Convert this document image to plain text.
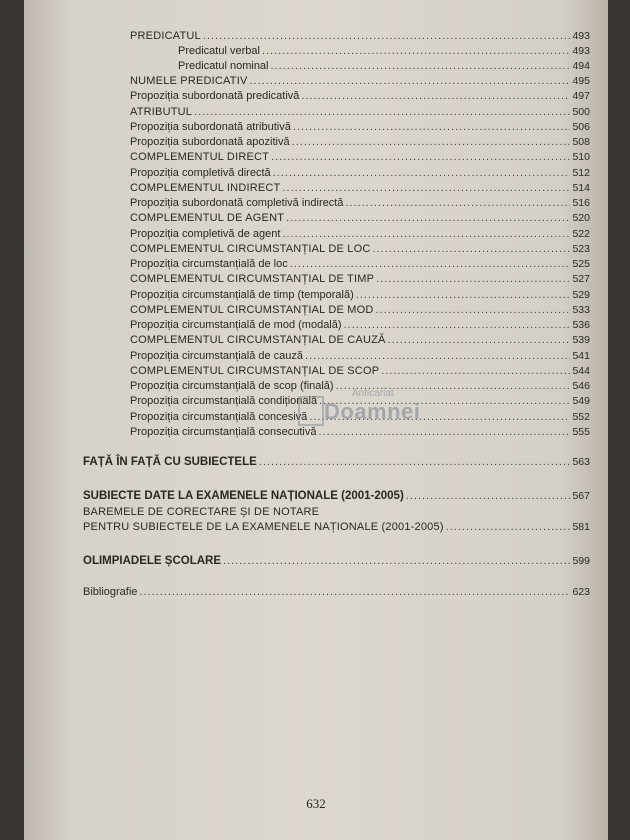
PREDICATUL .....	493
Predicatul verbal .....	493
Predicatul nominal .....	494
NUMELE PREDICATIV .....	495
Propoziția subordonată predicativă .....	497
ATRIBUTUL .....	500
Propoziția subordonată atributivă .....	506
Propoziția subordonată apozitivă .....	508
COMPLEMENTUL DIRECT .....	510
Propoziția completivă directă .....	512
COMPLEMENTUL INDIRECT .....	514
Propoziția subordonată completivă indirectă .....	516
COMPLEMENTUL DE AGENT .....	520
Propoziția completivă de agent .....	522
COMPLEMENTUL CIRCUMSTANȚIAL DE LOC .....	523
Propoziția circumstanțială de loc .....	525
COMPLEMENTUL CIRCUMSTANȚIAL DE TIMP .....	527
Propoziția circumstanțială de timp (temporală) .....	529
COMPLEMENTUL CIRCUMSTANȚIAL DE MOD .....	533
Propoziția circumstanțială de mod (modală) .....	536
COMPLEMENTUL CIRCUMSTANȚIAL DE CAUZĂ .....	539
Propoziția circumstanțială de cauză .....	541
COMPLEMENTUL CIRCUMSTANȚIAL DE SCOP .....	544
Propoziția circumstanțială de scop (finală) .....	546
Propoziția circumstanțială condițională .....	549
Propoziția circumstanțială concesivă .....	552
Propoziția circumstanțială consecutivă .....	555
Anticariat
Doamnei
FAȚĂ ÎN FAȚĂ CU SUBIECTELE .....	563
SUBIECTE DATE LA EXAMENELE NAȚIONALE (2001-2005) .....	567
BAREMELE DE CORECTARE ȘI DE NOTARE
PENTRU SUBIECTELE DE LA EXAMENELE NAȚIONALE (2001-2005) .....	581
OLIMPIADELE ȘCOLARE .....	599
Bibliografie .....	623
632
